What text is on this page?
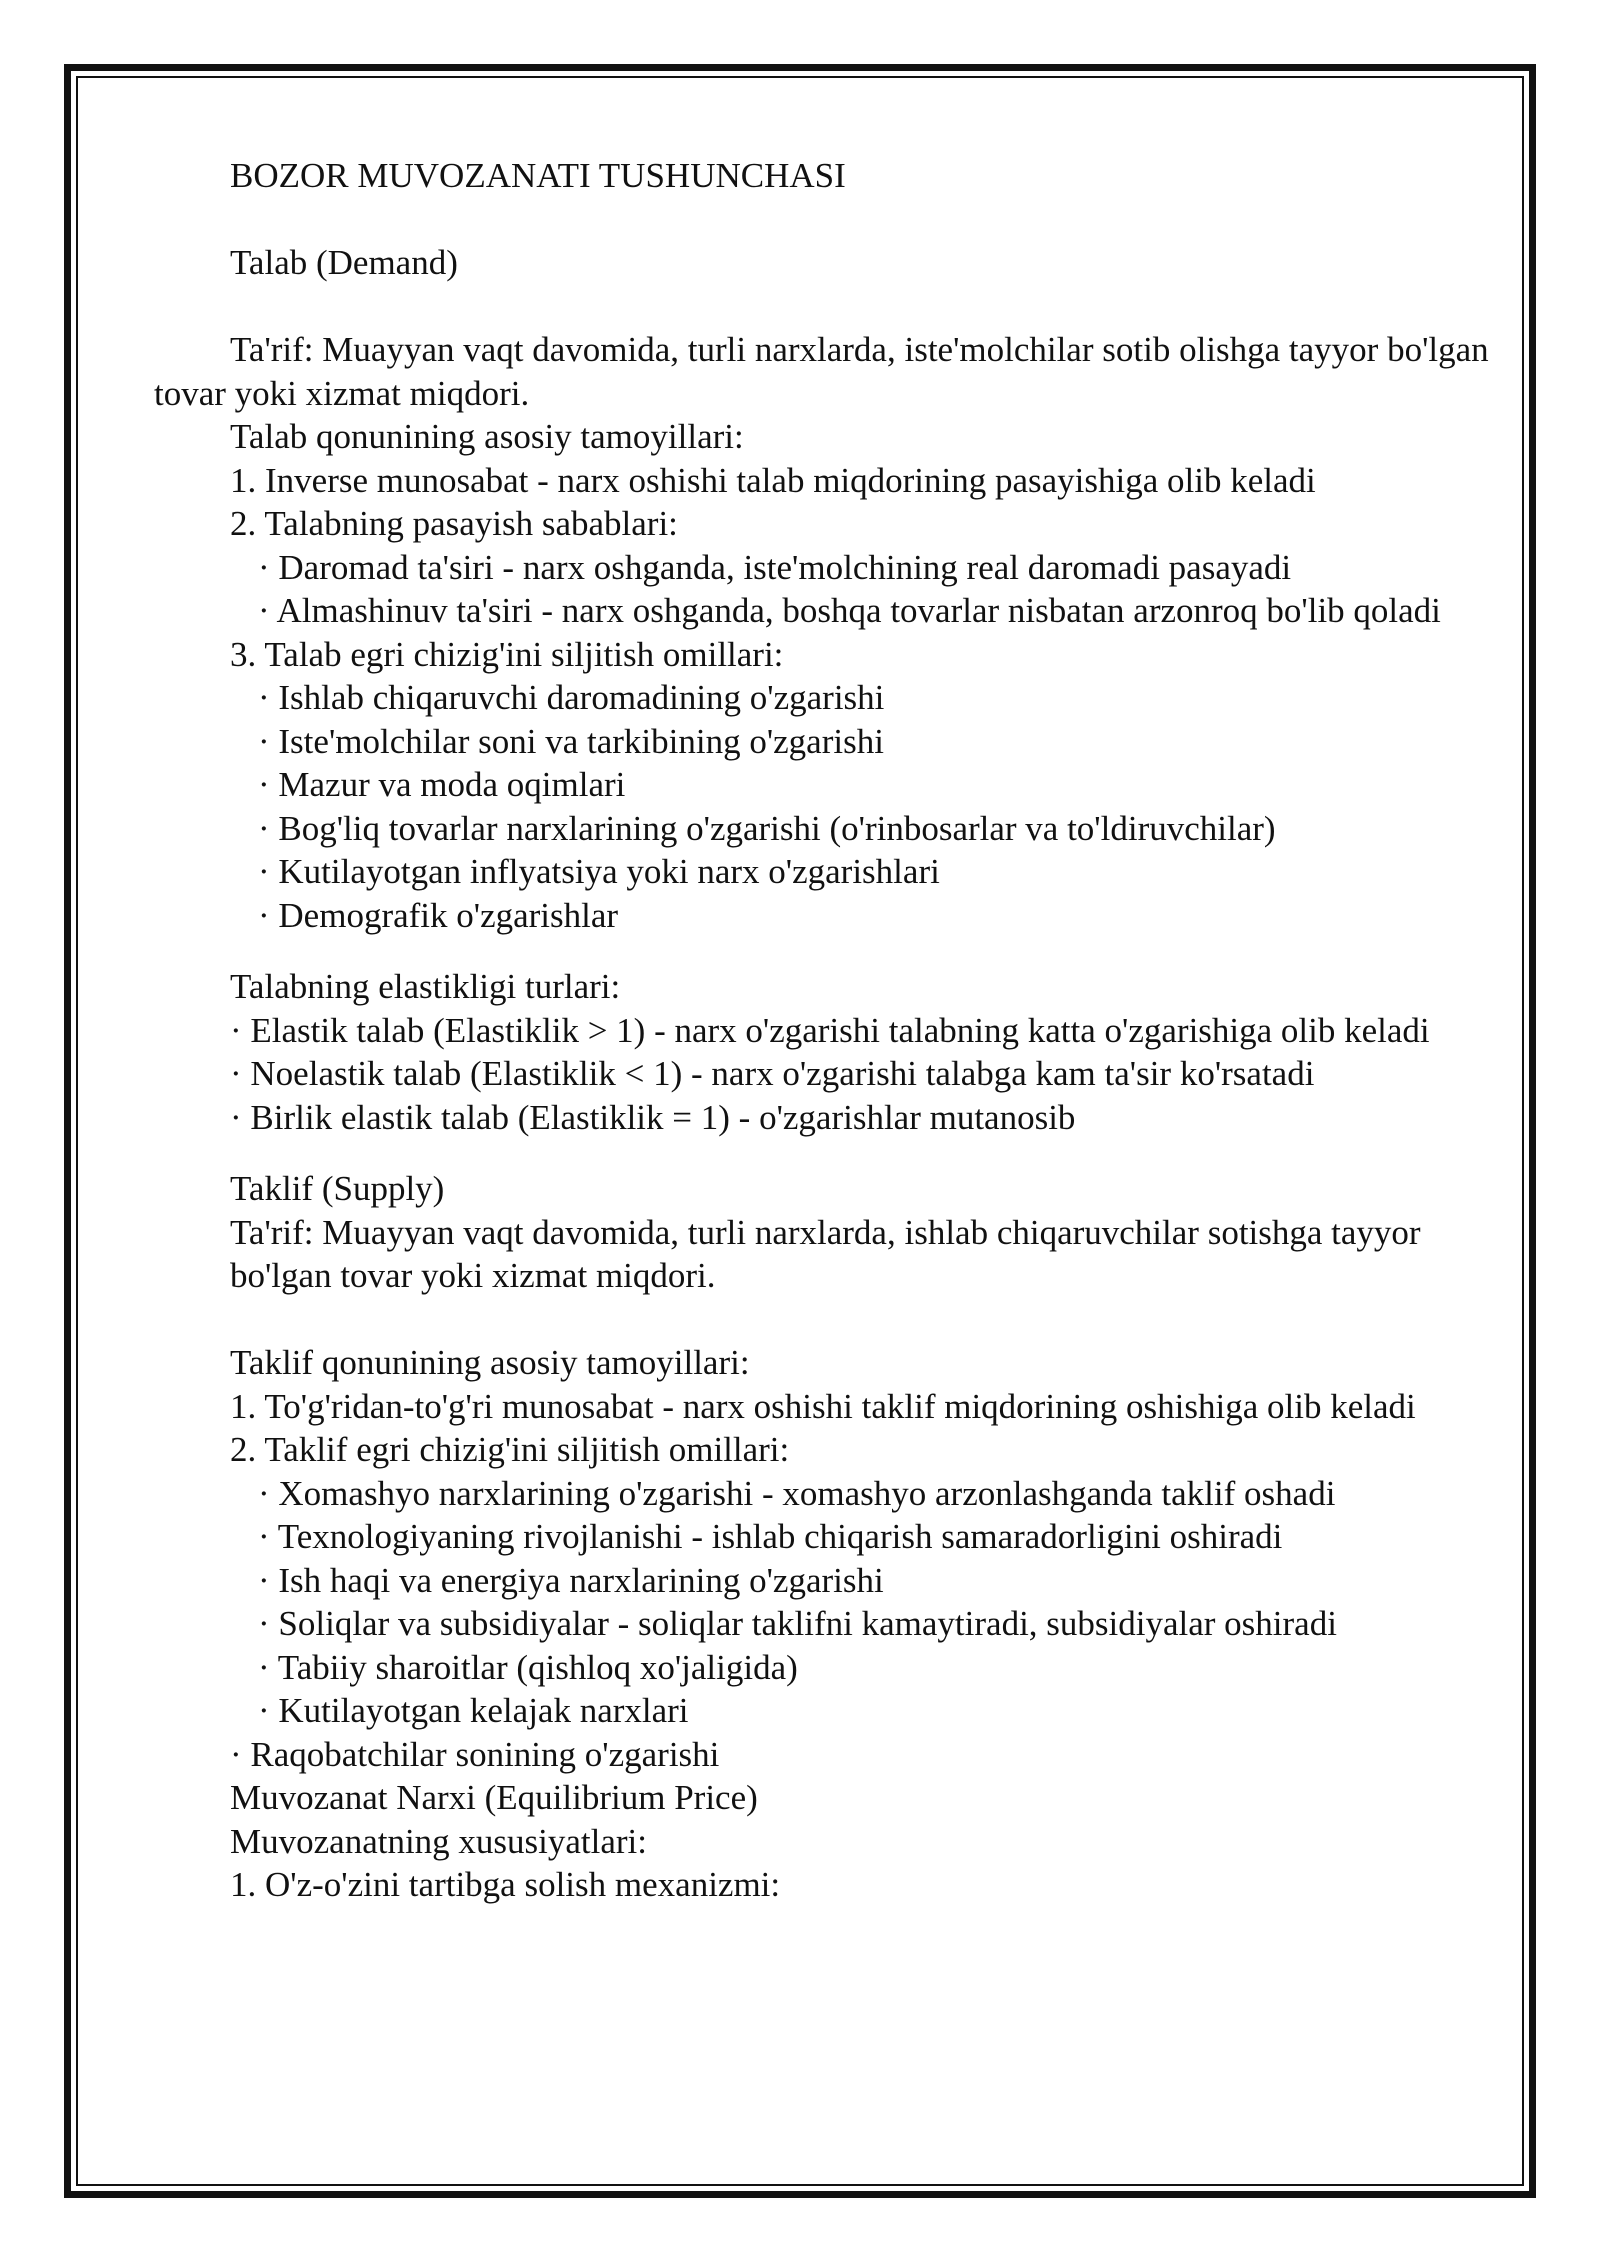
BOZOR MUVOZANATI TUSHUNCHASI

Talab (Demand)

Ta'rif: Muayyan vaqt davomida, turli narxlarda, iste'molchilar sotib olishga tayyor bo'lgan tovar yoki xizmat miqdori.

Talab qonunining asosiy tamoyillari:

1. Inverse munosabat - narx oshishi talab miqdorining pasayishiga olib keladi

2. Talabning pasayish sabablari:

· Daromad ta'siri - narx oshganda, iste'molchining real daromadi pasayadi

· Almashinuv ta'siri - narx oshganda, boshqa tovarlar nisbatan arzonroq bo'lib qoladi

3. Talab egri chizig'ini siljitish omillari:

· Ishlab chiqaruvchi daromadining o'zgarishi

· Iste'molchilar soni va tarkibining o'zgarishi

· Mazur va moda oqimlari

· Bog'liq tovarlar narxlarining o'zgarishi (o'rinbosarlar va to'ldiruvchilar)

· Kutilayotgan inflyatsiya yoki narx o'zgarishlari

· Demografik o'zgarishlar

Talabning elastikligi turlari:

· Elastik talab (Elastiklik > 1) - narx o'zgarishi talabning katta o'zgarishiga olib keladi

· Noelastik talab (Elastiklik < 1) - narx o'zgarishi talabga kam ta'sir ko'rsatadi

· Birlik elastik talab (Elastiklik = 1) - o'zgarishlar mutanosib

Taklif (Supply)

Ta'rif: Muayyan vaqt davomida, turli narxlarda, ishlab chiqaruvchilar sotishga tayyor bo'lgan tovar yoki xizmat miqdori.

Taklif qonunining asosiy tamoyillari:

1. To'g'ridan-to'g'ri munosabat - narx oshishi taklif miqdorining oshishiga olib keladi

2. Taklif egri chizig'ini siljitish omillari:

· Xomashyo narxlarining o'zgarishi - xomashyo arzonlashganda taklif oshadi

· Texnologiyaning rivojlanishi - ishlab chiqarish samaradorligini oshiradi

· Ish haqi va energiya narxlarining o'zgarishi

· Soliqlar va subsidiyalar - soliqlar taklifni kamaytiradi, subsidiyalar oshiradi

· Tabiiy sharoitlar (qishloq xo'jaligida)

· Kutilayotgan kelajak narxlari

· Raqobatchilar sonining o'zgarishi

Muvozanat Narxi (Equilibrium Price)

Muvozanatning xususiyatlari:

1. O'z-o'zini tartibga solish mexanizmi:
